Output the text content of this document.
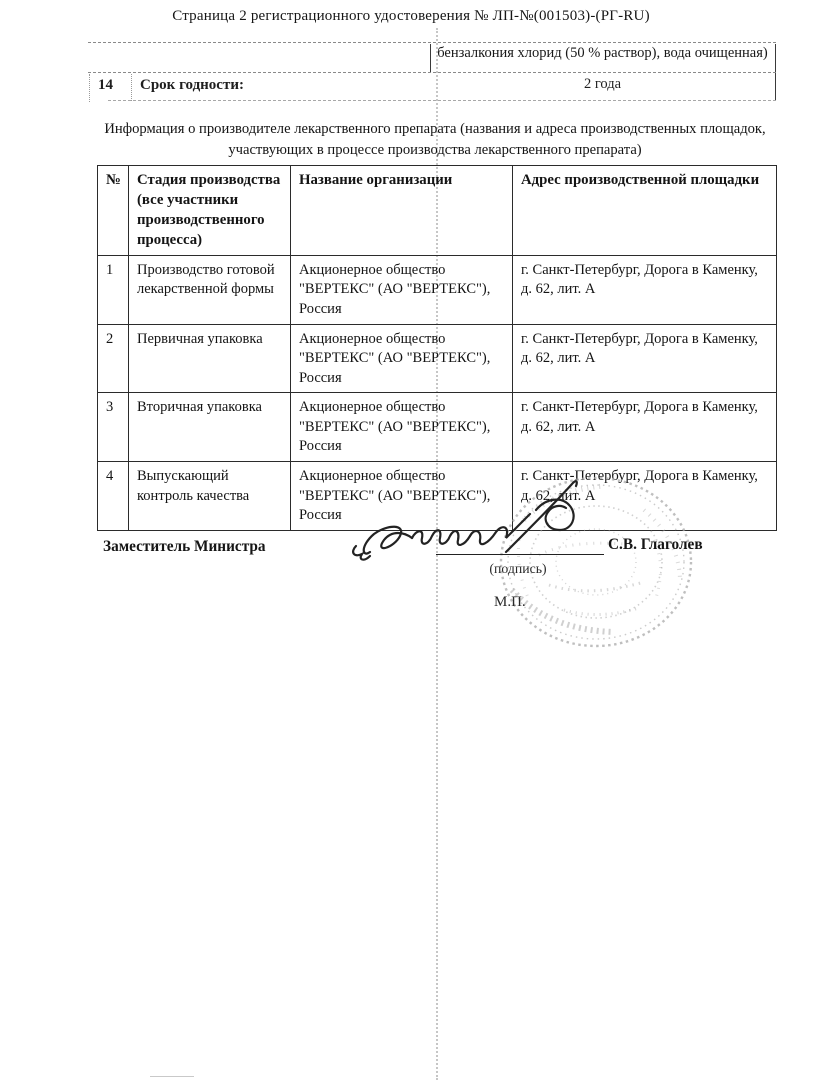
Страница 2 регистрационного удостоверения № ЛП-№(001503)-(РГ-RU)
бензалкония хлорид (50 % раствор), вода очищенная)
14	Срок годности:	2 года
Информация о производителе лекарственного препарата (названия и адреса производственных площадок, участвующих в процессе производства лекарственного препарата)
№	Стадия производства (все участники производственного процесса)	Название организации	Адрес производственной площадки
1	Производство готовой лекарственной формы	Акционерное общество "ВЕРТЕКС" (АО "ВЕРТЕКС"), Россия	г. Санкт-Петербург, Дорога в Каменку, д. 62, лит. А
2	Первичная упаковка	Акционерное общество "ВЕРТЕКС" (АО "ВЕРТЕКС"), Россия	г. Санкт-Петербург, Дорога в Каменку, д. 62, лит. А
3	Вторичная упаковка	Акционерное общество "ВЕРТЕКС" (АО "ВЕРТЕКС"), Россия	г. Санкт-Петербург, Дорога в Каменку, д. 62, лит. А
4	Выпускающий контроль качества	Акционерное общество "ВЕРТЕКС" (АО "ВЕРТЕКС"), Россия	г. Санкт-Петербург, Дорога в Каменку, д. 62, лит. А
Заместитель Министра
(подпись)
С.В. Глаголев
М.П.
